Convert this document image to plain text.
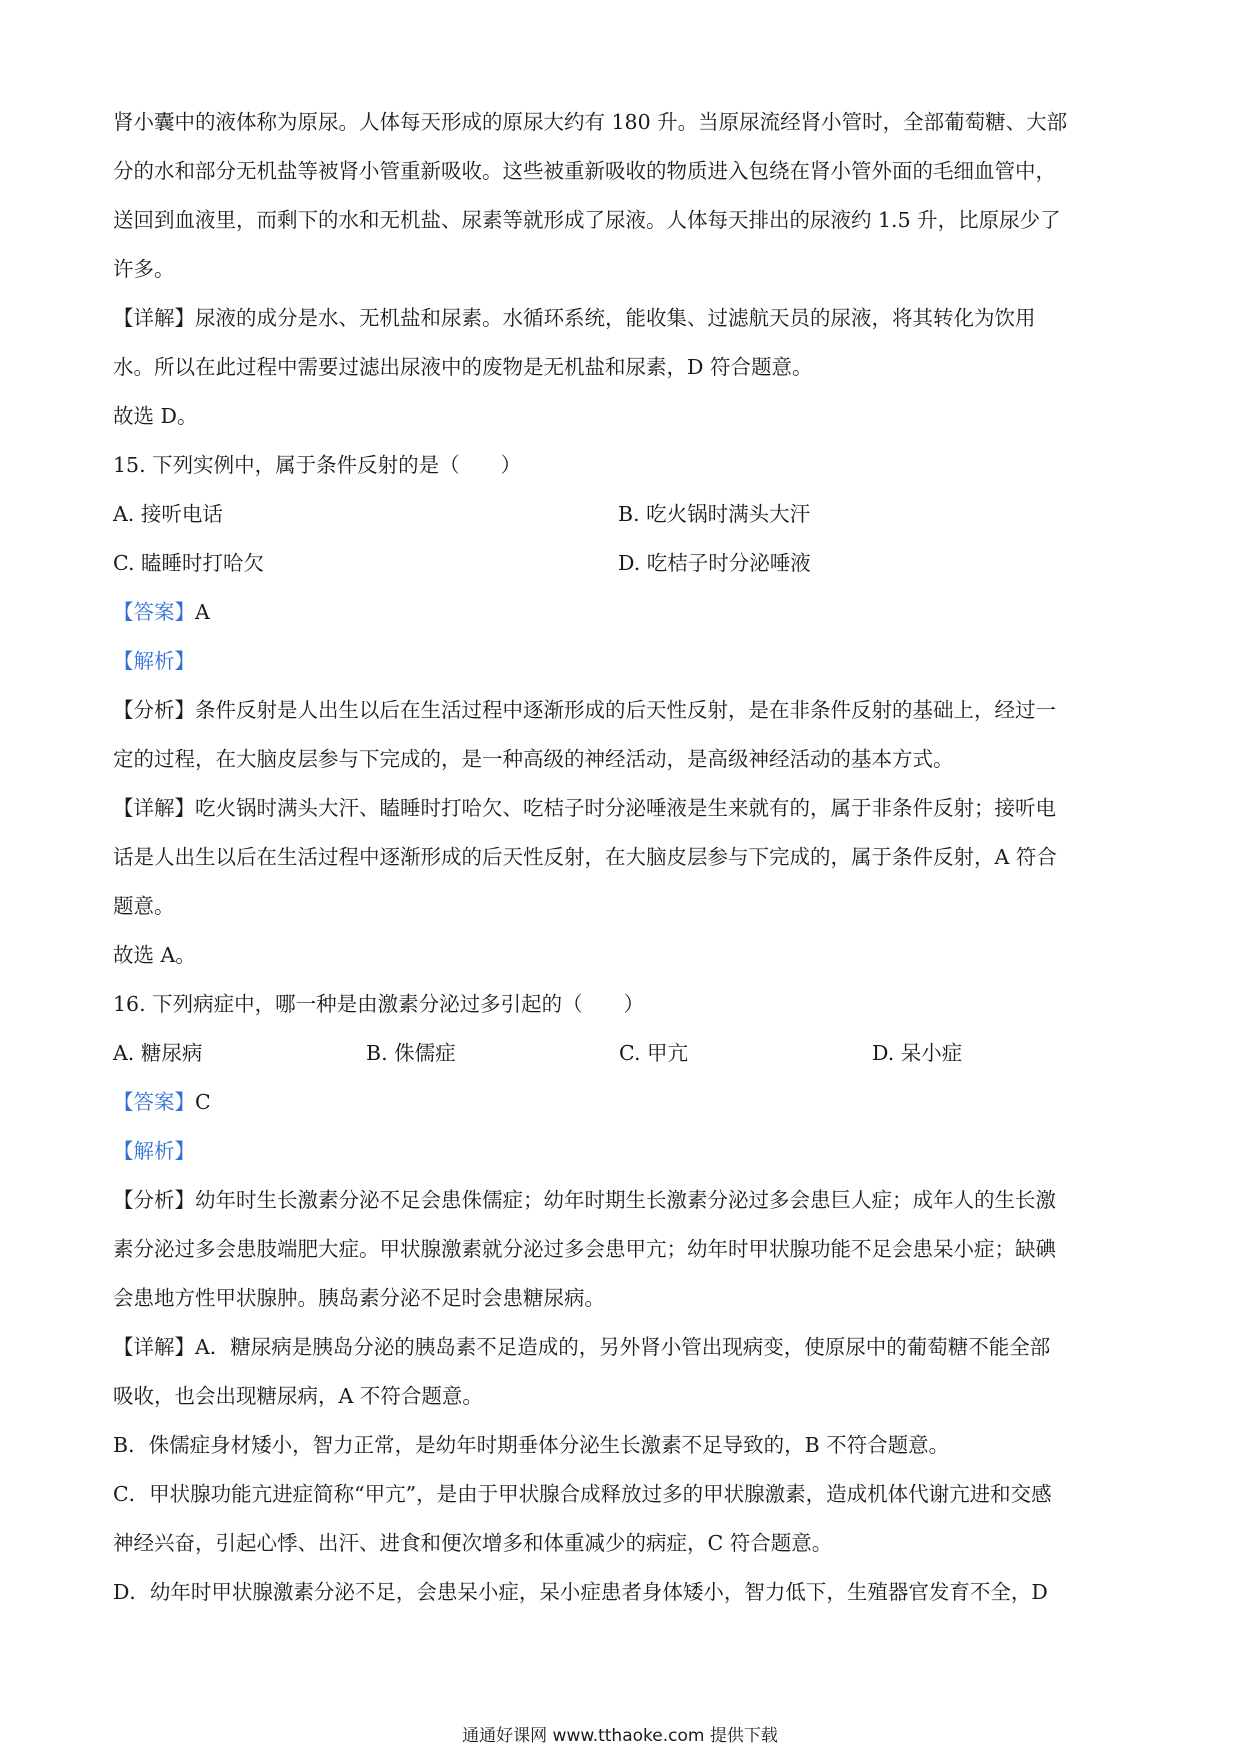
肾小囊中的液体称为原尿。人体每天形成的原尿大约有 180 升。当原尿流经肾小管时，全部葡萄糖、大部
分的水和部分无机盐等被肾小管重新吸收。这些被重新吸收的物质进入包绕在肾小管外面的毛细血管中，
送回到血液里，而剩下的水和无机盐、尿素等就形成了尿液。人体每天排出的尿液约 1.5 升，比原尿少了
许多。
【详解】尿液的成分是水、无机盐和尿素。水循环系统，能收集、过滤航天员的尿液，将其转化为饮用
水。所以在此过程中需要过滤出尿液中的废物是无机盐和尿素，D 符合题意。
故选 D。
15. 下列实例中，属于条件反射的是（　　）
A. 接听电话	B. 吃火锅时满头大汗
C. 瞌睡时打哈欠	D. 吃桔子时分泌唾液
【答案】A
【解析】
【分析】条件反射是人出生以后在生活过程中逐渐形成的后天性反射，是在非条件反射的基础上，经过一
定的过程，在大脑皮层参与下完成的，是一种高级的神经活动，是高级神经活动的基本方式。
【详解】吃火锅时满头大汗、瞌睡时打哈欠、吃桔子时分泌唾液是生来就有的，属于非条件反射；接听电
话是人出生以后在生活过程中逐渐形成的后天性反射，在大脑皮层参与下完成的，属于条件反射，A 符合
题意。
故选 A。
16. 下列病症中，哪一种是由激素分泌过多引起的（　　）
A. 糖尿病	B. 侏儒症	C. 甲亢	D. 呆小症
【答案】C
【解析】
【分析】幼年时生长激素分泌不足会患侏儒症；幼年时期生长激素分泌过多会患巨人症；成年人的生长激
素分泌过多会患肢端肥大症。甲状腺激素就分泌过多会患甲亢；幼年时甲状腺功能不足会患呆小症；缺碘
会患地方性甲状腺肿。胰岛素分泌不足时会患糖尿病。
【详解】A．糖尿病是胰岛分泌的胰岛素不足造成的，另外肾小管出现病变，使原尿中的葡萄糖不能全部
吸收，也会出现糖尿病，A 不符合题意。
B．侏儒症身材矮小，智力正常，是幼年时期垂体分泌生长激素不足导致的，B 不符合题意。
C．甲状腺功能亢进症简称“甲亢”，是由于甲状腺合成释放过多的甲状腺激素，造成机体代谢亢进和交感
神经兴奋，引起心悸、出汗、进食和便次增多和体重减少的病症，C 符合题意。
D．幼年时甲状腺激素分泌不足，会患呆小症，呆小症患者身体矮小，智力低下，生殖器官发育不全，D
通通好课网 www.tthaoke.com 提供下载
